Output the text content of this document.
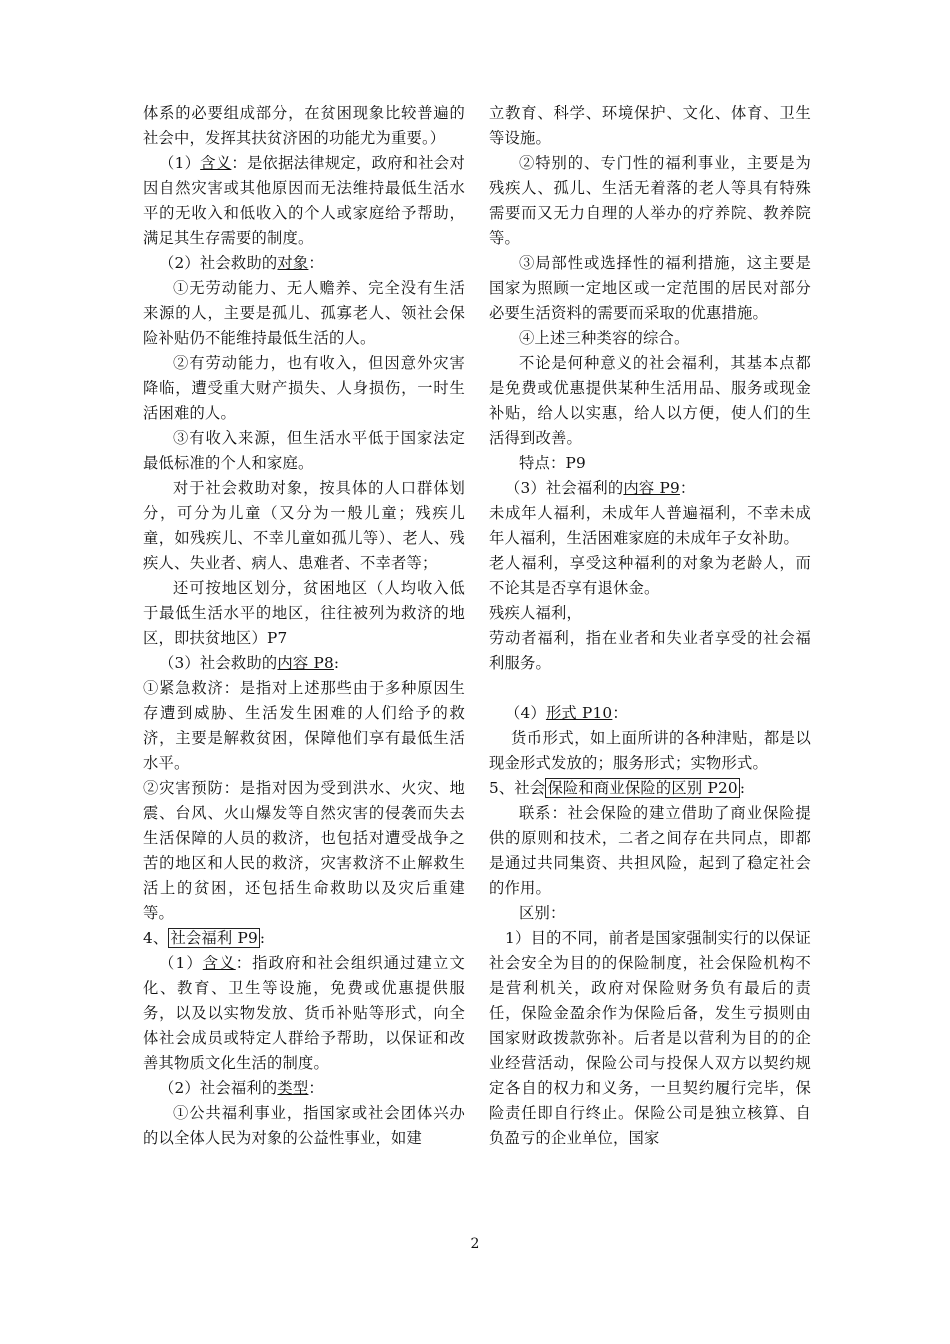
体系的必要组成部分，在贫困现象比较普遍的社会中，发挥其扶贫济困的功能尤为重要。）

（1）含义：是依据法律规定，政府和社会对因自然灾害或其他原因而无法维持最低生活水平的无收入和低收入的个人或家庭给予帮助，满足其生存需要的制度。

（2）社会救助的对象：

①无劳动能力、无人赡养、完全没有生活来源的人，主要是孤儿、孤寡老人、领社会保险补贴仍不能维持最低生活的人。

②有劳动能力，也有收入，但因意外灾害降临，遭受重大财产损失、人身损伤，一时生活困难的人。

③有收入来源，但生活水平低于国家法定最低标准的个人和家庭。

对于社会救助对象，按具体的人口群体划分，可分为儿童（又分为一般儿童；残疾儿童，如残疾儿、不幸儿童如孤儿等）、老人、残疾人、失业者、病人、患难者、不幸者等；

还可按地区划分，贫困地区（人均收入低于最低生活水平的地区，往往被列为救济的地区，即扶贫地区）P7

（3）社会救助的内容 P8:

①紧急救济：是指对上述那些由于多种原因生存遭到威胁、生活发生困难的人们给予的救济，主要是解救贫困，保障他们享有最低生活水平。

②灾害预防：是指对因为受到洪水、火灾、地震、台风、火山爆发等自然灾害的侵袭而失去生活保障的人员的救济，也包括对遭受战争之苦的地区和人民的救济，灾害救济不止解救生活上的贫困，还包括生命救助以及灾后重建等。

4、 社会福利 P9 :

（1）含义：指政府和社会组织通过建立文化、教育、卫生等设施，免费或优惠提供服务，以及以实物发放、货币补贴等形式，向全体社会成员或特定人群给予帮助，以保证和改善其物质文化生活的制度。

（2）社会福利的类型：

①公共福利事业，指国家或社会团体兴办的以全体人民为对象的公益性事业，如建

立教育、科学、环境保护、文化、体育、卫生等设施。

②特别的、专门性的福利事业，主要是为残疾人、孤儿、生活无着落的老人等具有特殊需要而又无力自理的人举办的疗养院、教养院等。

③局部性或选择性的福利措施，这主要是国家为照顾一定地区或一定范围的居民对部分必要生活资料的需要而采取的优惠措施。

④上述三种类容的综合。

不论是何种意义的社会福利，其基本点都是免费或优惠提供某种生活用品、服务或现金补贴，给人以实惠，给人以方便，使人们的生活得到改善。

特点：P9

（3）社会福利的内容 P9：

未成年人福利，未成年人普遍福利，不幸未成年人福利，生活困难家庭的未成年子女补助。

老人福利，享受这种福利的对象为老龄人，而不论其是否享有退休金。

残疾人福利，

劳动者福利，指在业者和失业者享受的社会福利服务。

（4）形式 P10：

货币形式，如上面所讲的各种津贴，都是以现金形式发放的；服务形式；实物形式。

5、社会 保险和商业保险的区别 P20 :

联系：社会保险的建立借助了商业保险提供的原则和技术，二者之间存在共同点，即都是通过共同集资、共担风险，起到了稳定社会的作用。

区别：

1）目的不同，前者是国家强制实行的以保证社会安全为目的的保险制度，社会保险机构不是营利机关，政府对保险财务负有最后的责任，保险金盈余作为保险后备，发生亏损则由国家财政拨款弥补。后者是以营利为目的的企业经营活动，保险公司与投保人双方以契约规定各自的权力和义务，一旦契约履行完毕，保险责任即自行终止。保险公司是独立核算、自负盈亏的企业单位，国家

2
